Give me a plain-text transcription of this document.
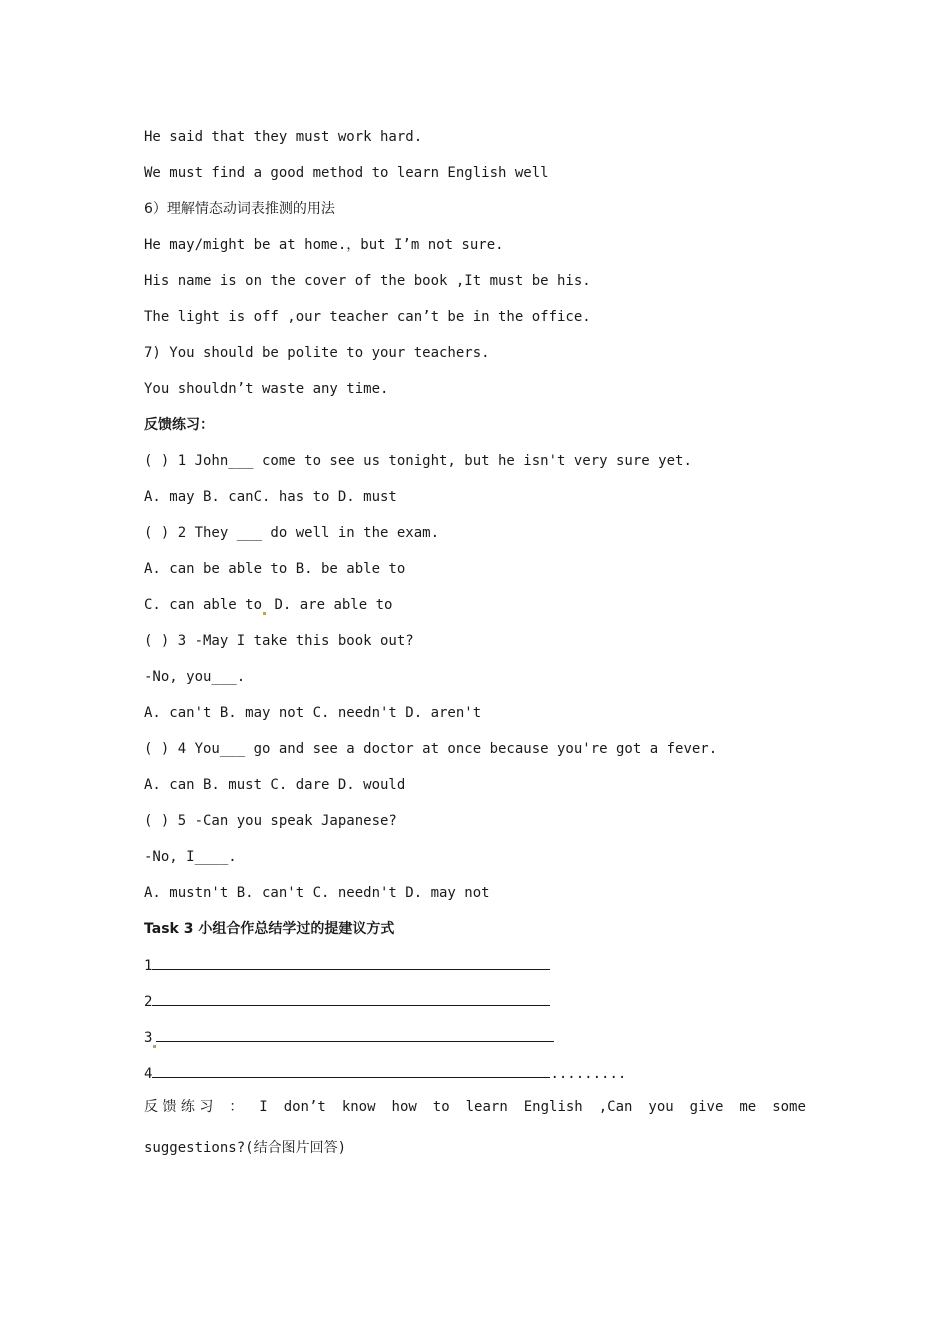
He said that they must work hard.
We must find a good method to learn English well
6）理解情态动词表推测的用法
He may/might be at home.，but I’m not sure.
His name is on the cover of the book ,It must be his.
The light is off ,our teacher can’t be in the office.
7) You should be polite to your teachers.
You shouldn’t waste any time.
反馈练习：
( ) 1 John___ come to see us tonight, but he isn't very sure yet.
A. may B. canC. has to D. must
( ) 2 They ___ do well in the exam.
A. can be able to B. be able to
C. can able to D. are able to
( ) 3 -May I take this book out?
-No, you___.
A. can't B. may not C. needn't D. aren't
( ) 4 You___ go and see a doctor at once because you're got a fever.
A. can B. must C. dare D. would
( ) 5 -Can you speak Japanese?
-No, I____.
A. mustn't B. can't C. needn't D. may not
Task 3 小组合作总结学过的提建议方式
1
2
3
4	.........
反 馈 练 习 ： I don’t know how to learn English ,Can you give me some
suggestions?(结合图片回答)
